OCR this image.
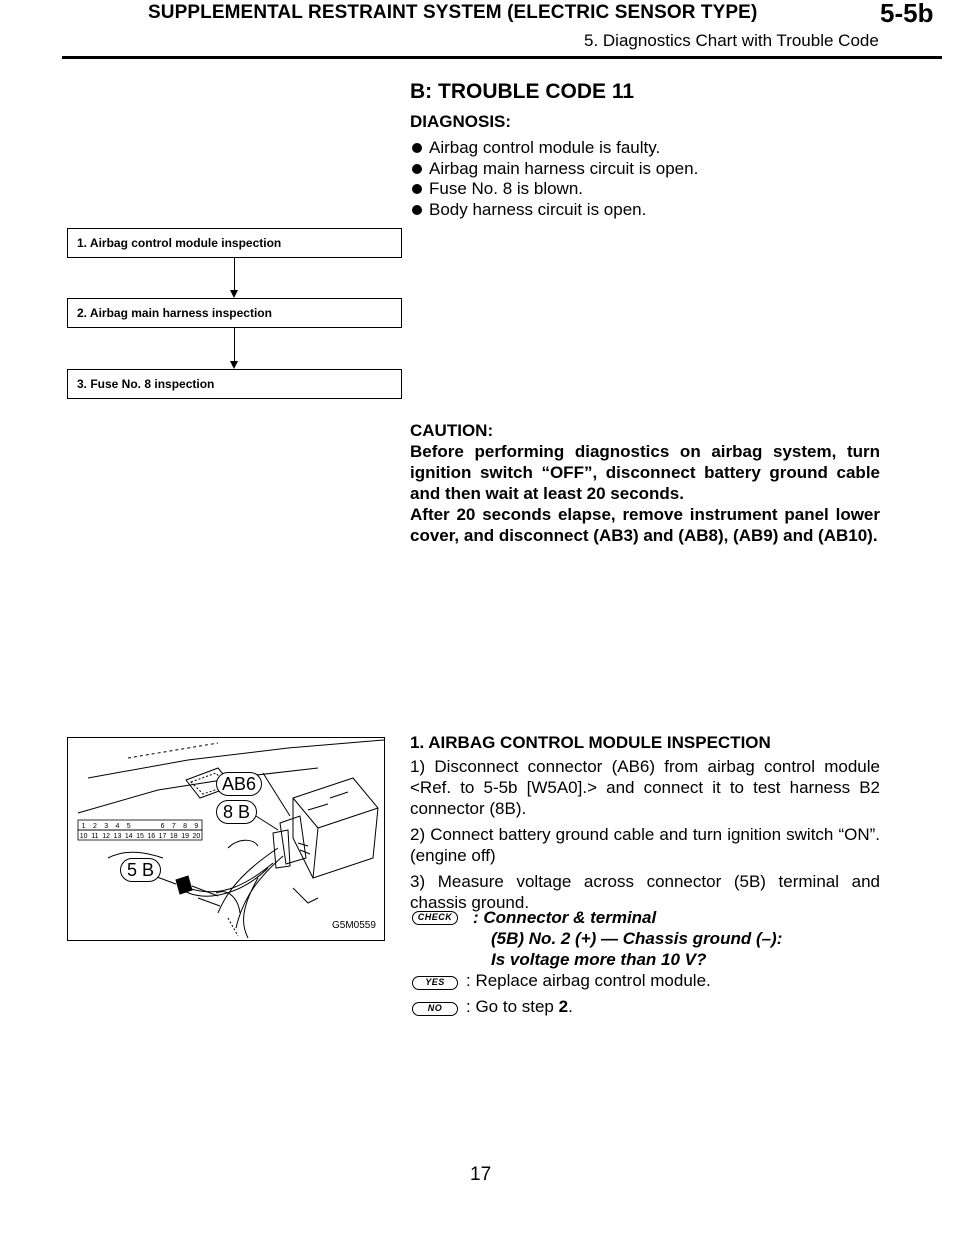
SUPPLEMENTAL RESTRAINT SYSTEM (ELECTRIC SENSOR TYPE)	5-5b
5. Diagnostics Chart with Trouble Code
B: TROUBLE CODE 11
DIAGNOSIS:
Airbag control module is faulty.
Airbag main harness circuit is open.
Fuse No. 8 is blown.
Body harness circuit is open.
1. Airbag control module inspection
2. Airbag main harness inspection
3. Fuse No. 8 inspection

CAUTION:

Before performing diagnostics on airbag system, turn ignition switch “OFF”, disconnect battery ground cable and then wait at least 20 seconds.

After 20 seconds elapse, remove instrument panel lower cover, and disconnect (AB3) and (AB8), (AB9) and (AB10).

1 2 3 4 5	6 7 8 9
10 11 12 13 14 15 16 17 18 19 20
AB6
8 B
5 B
G5M0559
1. AIRBAG CONTROL MODULE INSPECTION

1) Disconnect connector (AB6) from airbag control module <Ref. to 5-5b [W5A0].> and connect it to test harness B2 connector (8B).

2) Connect battery ground cable and turn ignition switch “ON”. (engine off)

3) Measure voltage across connector (5B) terminal and chassis ground.

CHECK	: Connector & terminal
(5B) No. 2 (+) — Chassis ground (–):
Is voltage more than 10 V?
YES	: Replace airbag control module.
NO	: Go to step 2.
17
